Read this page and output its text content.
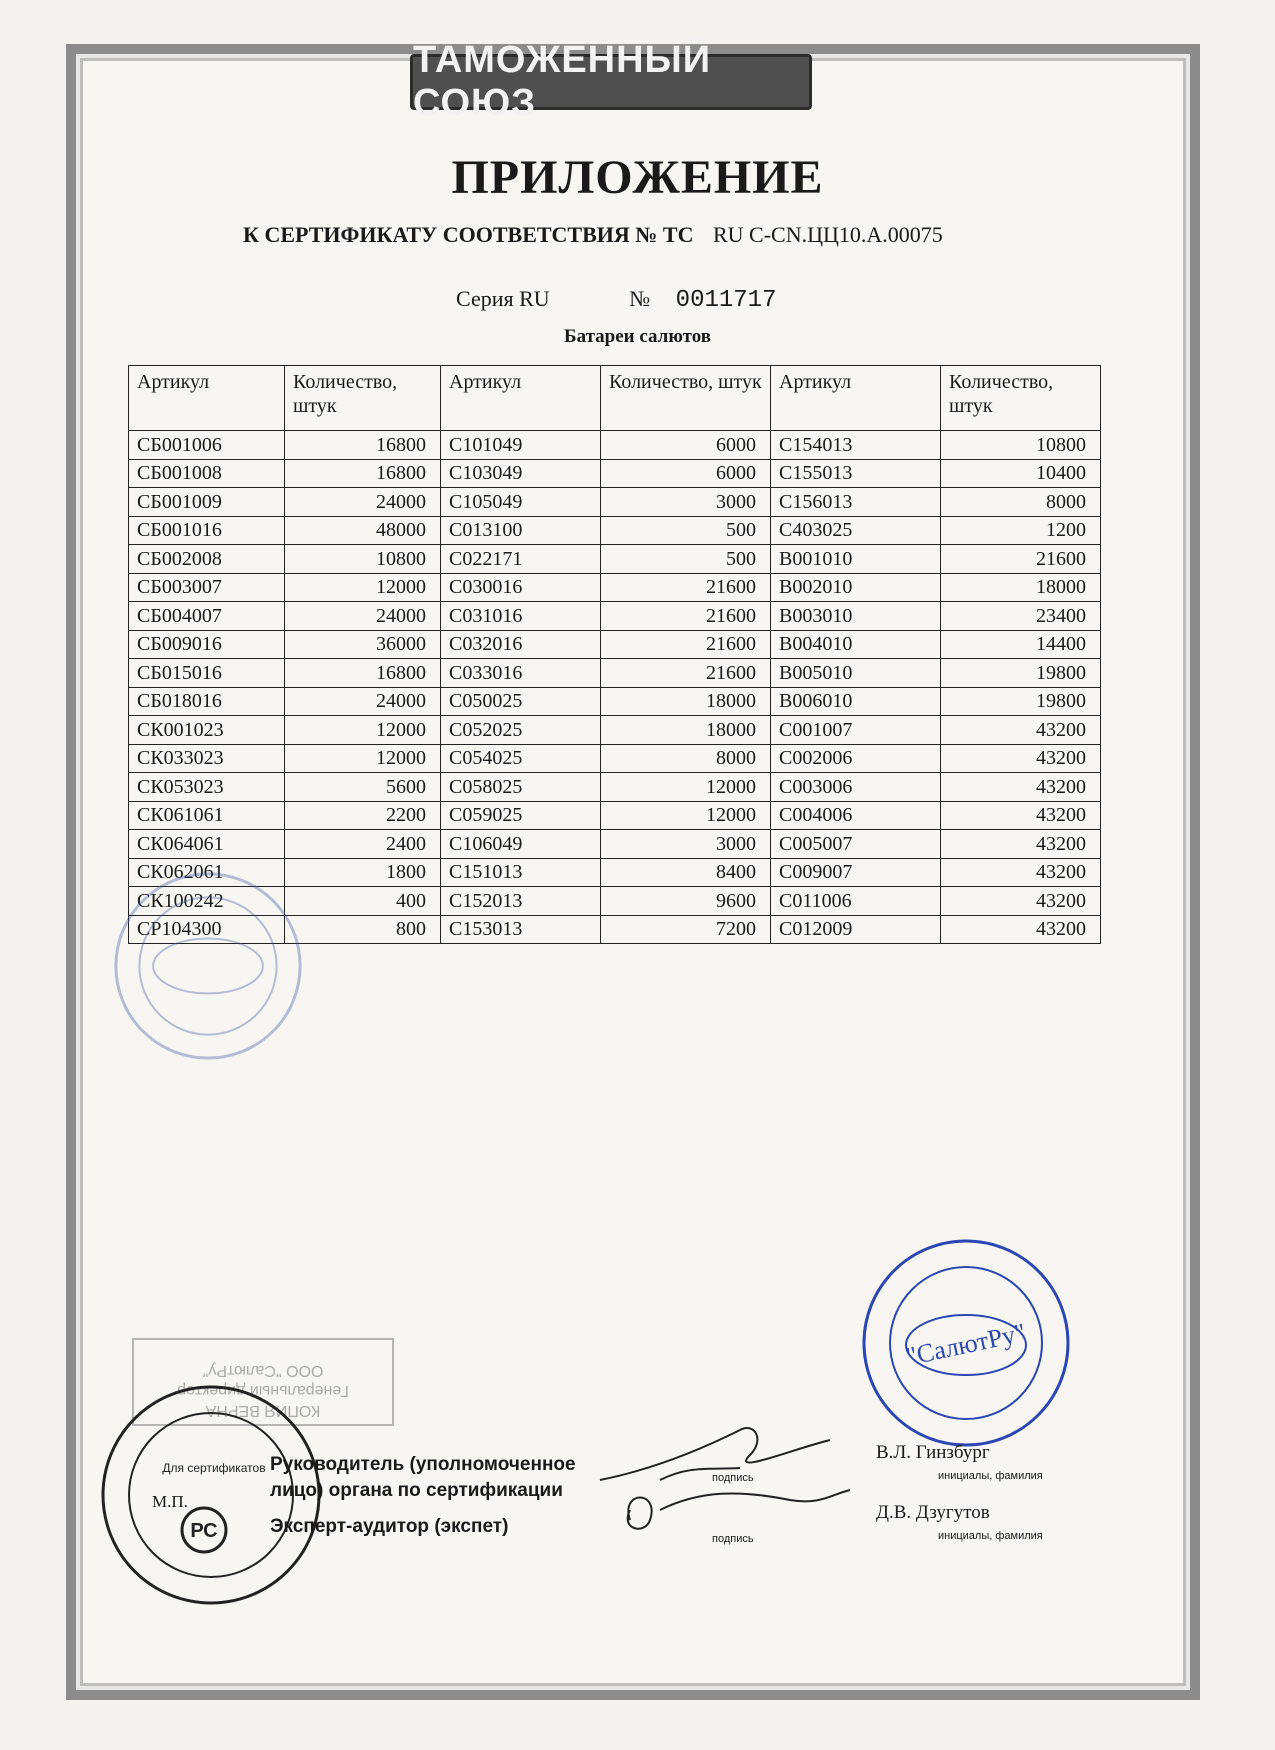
ТАМОЖЕННЫЙ СОЮЗ
ПРИЛОЖЕНИЕ
К СЕРТИФИКАТУ СООТВЕТСТВИЯ № ТС RU C-CN.ЦЦ10.А.00075
Серия RU	№ 0011717
Батареи салютов
Артикул	Количество, штук	Артикул	Количество, штук	Артикул	Количество, штук
СБ001006	16800	С101049	6000	С154013	10800
СБ001008	16800	С103049	6000	С155013	10400
СБ001009	24000	С105049	3000	С156013	8000
СБ001016	48000	С013100	500	С403025	1200
СБ002008	10800	С022171	500	В001010	21600
СБ003007	12000	С030016	21600	В002010	18000
СБ004007	24000	С031016	21600	В003010	23400
СБ009016	36000	С032016	21600	В004010	14400
СБ015016	16800	С033016	21600	В005010	19800
СБ018016	24000	С050025	18000	В006010	19800
СК001023	12000	С052025	18000	С001007	43200
СК033023	12000	С054025	8000	С002006	43200
СК053023	5600	С058025	12000	С003006	43200
СК061061	2200	С059025	12000	С004006	43200
СК064061	2400	С106049	3000	С005007	43200
СК062061	1800	С151013	8400	С009007	43200
СК100242	400	С152013	9600	С011006	43200
СР104300	800	С153013	7200	С012009	43200
КОПИЯ ВЕРНА
Генеральный директор
ООО "СалютРу"
РС
Для сертификатов
"СалютРу"
М.П.
Руководитель (уполномоченное
лицо) органа по сертификации
подпись
В.Л. Гинзбург
инициалы, фамилия
Эксперт-аудитор (экспет)
подпись
Д.В. Дзугутов
инициалы, фамилия
